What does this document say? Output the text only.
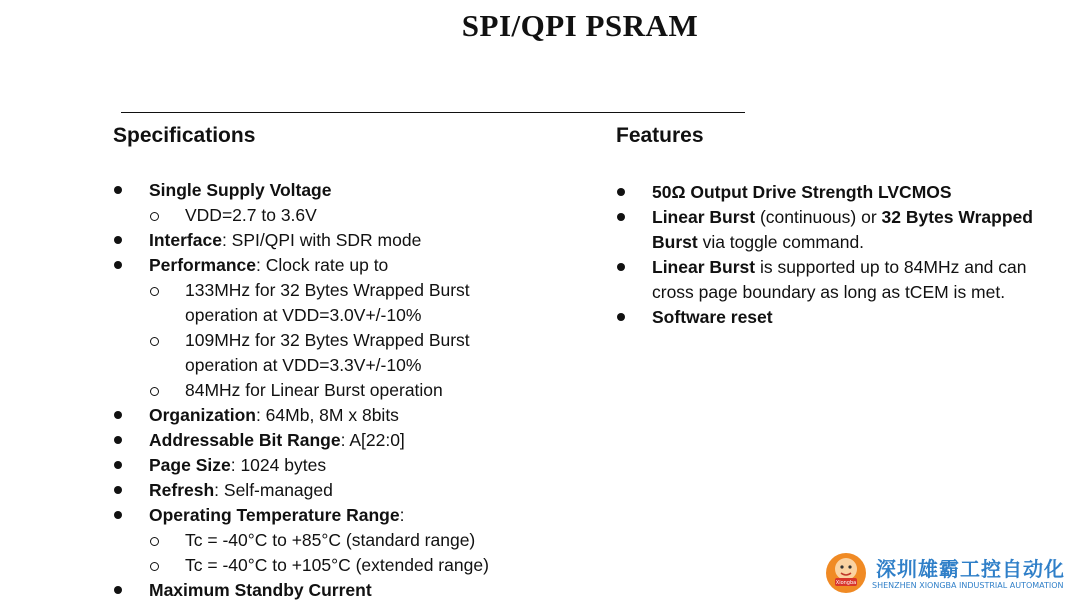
SPI/QPI PSRAM
Specifications	Features
Single Supply Voltage
VDD=2.7 to 3.6V
Interface: SPI/QPI with SDR mode
Performance: Clock rate up to
133MHz for 32 Bytes Wrapped Burst operation at VDD=3.0V+/-10%
109MHz for 32 Bytes Wrapped Burst operation at VDD=3.3V+/-10%
84MHz for Linear Burst operation
Organization: 64Mb, 8M x 8bits
Addressable Bit Range: A[22:0]
Page Size: 1024 bytes
Refresh: Self-managed
Operating Temperature Range:
Tc = -40°C to +85°C (standard range)
Tc = -40°C to +105°C (extended range)
Maximum Standby Current
50Ω Output Drive Strength LVCMOS
Linear Burst (continuous) or 32 Bytes Wrapped Burst via toggle command.
Linear Burst is supported up to 84MHz and can cross page boundary as long as tCEM is met.
Software reset
Xiongba
深圳雄霸工控自动化
SHENZHEN XIONGBA INDUSTRIAL AUTOMATION
